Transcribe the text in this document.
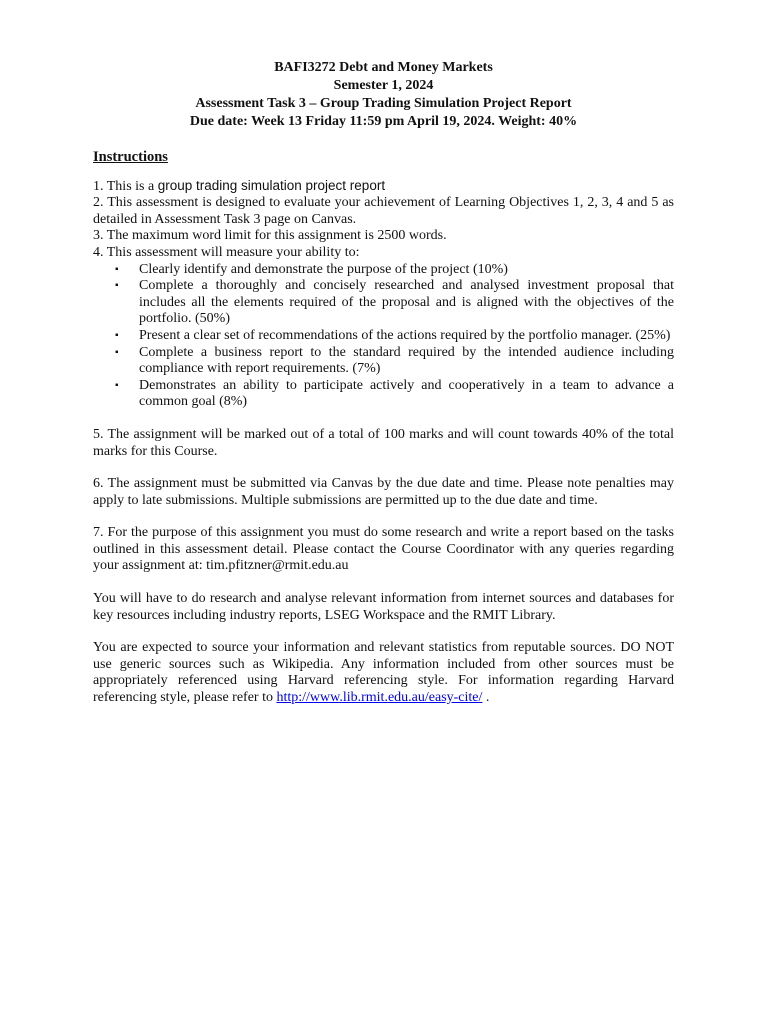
BAFI3272 Debt and Money Markets
Semester 1, 2024
Assessment Task 3 – Group Trading Simulation Project Report
Due date: Week 13 Friday 11:59 pm April 19, 2024. Weight: 40%
Instructions
1. This is a group trading simulation project report
2. This assessment is designed to evaluate your achievement of Learning Objectives 1, 2, 3, 4 and 5 as detailed in Assessment Task 3 page on Canvas.
3. The maximum word limit for this assignment is 2500 words.
4. This assessment will measure your ability to:
▪ Clearly identify and demonstrate the purpose of the project (10%)
▪ Complete a thoroughly and concisely researched and analysed investment proposal that includes all the elements required of the proposal and is aligned with the objectives of the portfolio. (50%)
▪ Present a clear set of recommendations of the actions required by the portfolio manager. (25%)
▪ Complete a business report to the standard required by the intended audience including compliance with report requirements. (7%)
▪ Demonstrates an ability to participate actively and cooperatively in a team to advance a common goal (8%)
5. The assignment will be marked out of a total of 100 marks and will count towards 40% of the total marks for this Course.
6. The assignment must be submitted via Canvas by the due date and time. Please note penalties may apply to late submissions. Multiple submissions are permitted up to the due date and time.
7. For the purpose of this assignment you must do some research and write a report based on the tasks outlined in this assessment detail. Please contact the Course Coordinator with any queries regarding your assignment at: tim.pfitzner@rmit.edu.au
You will have to do research and analyse relevant information from internet sources and databases for key resources including industry reports, LSEG Workspace and the RMIT Library.
You are expected to source your information and relevant statistics from reputable sources. DO NOT use generic sources such as Wikipedia. Any information included from other sources must be appropriately referenced using Harvard referencing style. For information regarding Harvard referencing style, please refer to http://www.lib.rmit.edu.au/easy-cite/ .
